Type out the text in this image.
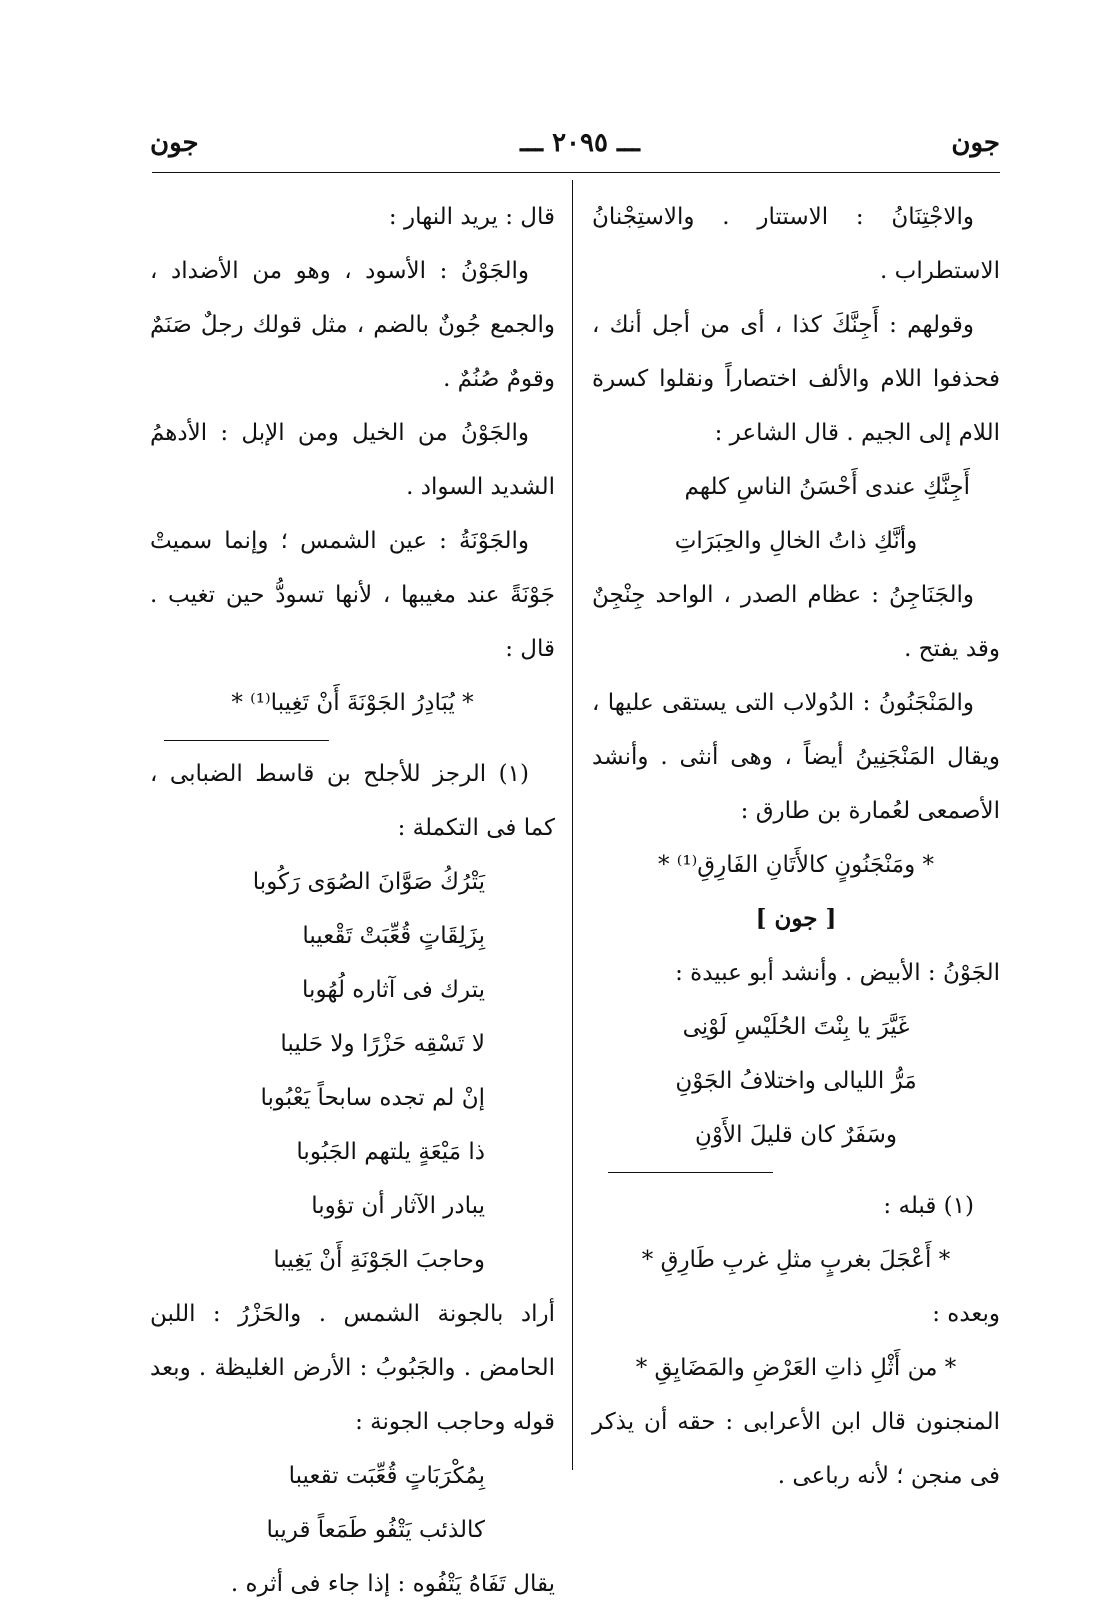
جون
ـــ ٢٠٩٥ ـــ
جون

والاجْتِنَانُ : الاستتار . والاستِجْنانُ الاستطراب .

وقولهم : أَجِنَّكَ كذا ، أى من أجل أنك ، فحذفوا اللام والألف اختصاراً ونقلوا كسرة اللام إلى الجيم . قال الشاعر :

أَجِنَّكِ عندى أَحْسَنُ الناسِ كلهم

وأنَّكِ ذاتُ الخالِ والحِبَرَاتِ

والجَنَاجِنُ : عظام الصدر ، الواحد جِنْجِنٌ وقد يفتح .

والمَنْجَنُونُ : الدُولاب التى يستقى عليها ، ويقال المَنْجَنِينُ أيضاً ، وهى أنثى . وأنشد الأصمعى لعُمارة بن طارق :

* ومَنْجَنُونٍ كالأَتَانِ الفَارِقِ⁽¹⁾ *

[ جون ]

الجَوْنُ : الأبيض . وأنشد أبو عبيدة :

غَيَّرَ يا بِنْتَ الحُلَيْسِ لَوْنِى

مَرُّ الليالى واختلافُ الجَوْنِ

وسَفَرٌ كان قليلَ الأَوْنِ

(١) قبله :

* أَعْجَلَ بغربٍ مثلِ غربِ طَارِقِ *

وبعده :

* من أَثْلِ ذاتِ العَرْضِ والمَضَايِقِ *

المنجنون قال ابن الأعرابى : حقه أن يذكر فى منجن ؛ لأنه رباعى .

قال : يريد النهار :

والجَوْنُ : الأسود ، وهو من الأضداد ، والجمع جُونٌ بالضم ، مثل قولك رجلٌ صَنَمٌ وقومٌ صُنُمٌ .

والجَوْنُ من الخيل ومن الإبل : الأدهمُ الشديد السواد .

والجَوْنَةُ : عين الشمس ؛ وإنما سميتْ جَوْنَةً عند مغيبها ، لأنها تسودُّ حين تغيب . قال :

* يُبَادِرُ الجَوْنَةَ أَنْ تَغِيبا⁽¹⁾ *

(١) الرجز للأجلح بن قاسط الضبابى ، كما فى التكملة :

يَتْرُكُ صَوَّانَ الصُوَى رَكُوبا

بِزَلِقَاتٍ قُعِّبَتْ تَقْعيبا

يترك فى آثاره لُهُوبا

لا تَسْقِه حَزْرًا ولا حَليبا

إنْ لم تجده سابحاً يَعْبُوبا

ذا مَيْعَةٍ يلتهم الجَبُوبا

يبادر الآثار أن تؤوبا

وحاجبَ الجَوْنَةِ أَنْ يَغِيبا

أراد بالجونة الشمس . والحَزْرُ : اللبن الحامض . والجَبُوبُ : الأرض الغليظة . وبعد قوله وحاجب الجونة :

بِمُكْرَبَاتٍ قُعِّبَت تقعيبا

كالذئب يَتْفُو طَمَعاً قريبا

يقال تَفَاهُ يَتْفُوه : إذا جاء فى أثره .
